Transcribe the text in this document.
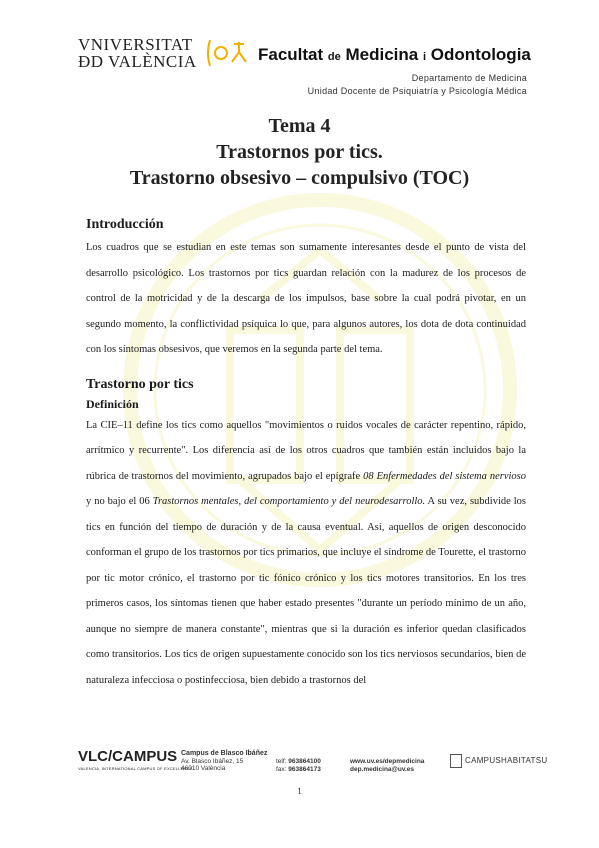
VNIVERSITAT
ÐD VALÈNCIA	Facultat de Medicina i Odontologia
Departamento de Medicina
Unidad Docente de Psiquiatría y Psicología Médica
Tema 4
Trastornos por tics.
Trastorno obsesivo – compulsivo (TOC)
Introducción

Los cuadros que se estudian en este temas son sumamente interesantes desde el punto de vista del desarrollo psicológico. Los trastornos por tics guardan relación con la madurez de los procesos de control de la motricidad y de la descarga de los impulsos, base sobre la cual podrá pivotar, en un segundo momento, la conflictividad psíquica lo que, para algunos autores, los dota de dota continuidad con los síntomas obsesivos, que veremos en la segunda parte del tema.

Trastorno por tics
Definición

La CIE–11 define los tics como aquellos "movimientos o ruidos vocales de carácter repentino, rápido, arrítmico y recurrente". Los diferencia así de los otros cuadros que también están incluidos bajo la rúbrica de trastornos del movimiento, agrupados bajo el epígrafe 08 Enfermedades del sistema nervioso y no bajo el 06 Trastornos mentales, del comportamiento y del neurodesarrollo. A su vez, subdivide los tics en función del tiempo de duración y de la causa eventual. Así, aquellos de origen desconocido conforman el grupo de los trastornos por tics primarios, que incluye el síndrome de Tourette, el trastorno por tic motor crónico, el trastorno por tic fónico crónico y los tics motores transitorios. En los tres primeros casos, los síntomas tienen que haber estado presentes "durante un período mínimo de un año, aunque no siempre de manera constante", mientras que si la duración es inferior quedan clasificados como transitorios. Los tics de origen supuestamente conocido son los tics nerviosos secundarios, bien de naturaleza infecciosa o postinfecciosa, bien debido a trastornos del

VLC/CAMPUS
VALENCIA, INTERNATIONAL CAMPUS OF EXCELLENCE
Campus de Blasco Ibáñez
Av. Blasco Ibáñez, 15
46010 València
telf: 963864100
fax: 963864173
www.uv.es/depmedicina
dep.medicina@uv.es
CAMPUSHABITATSU
1
